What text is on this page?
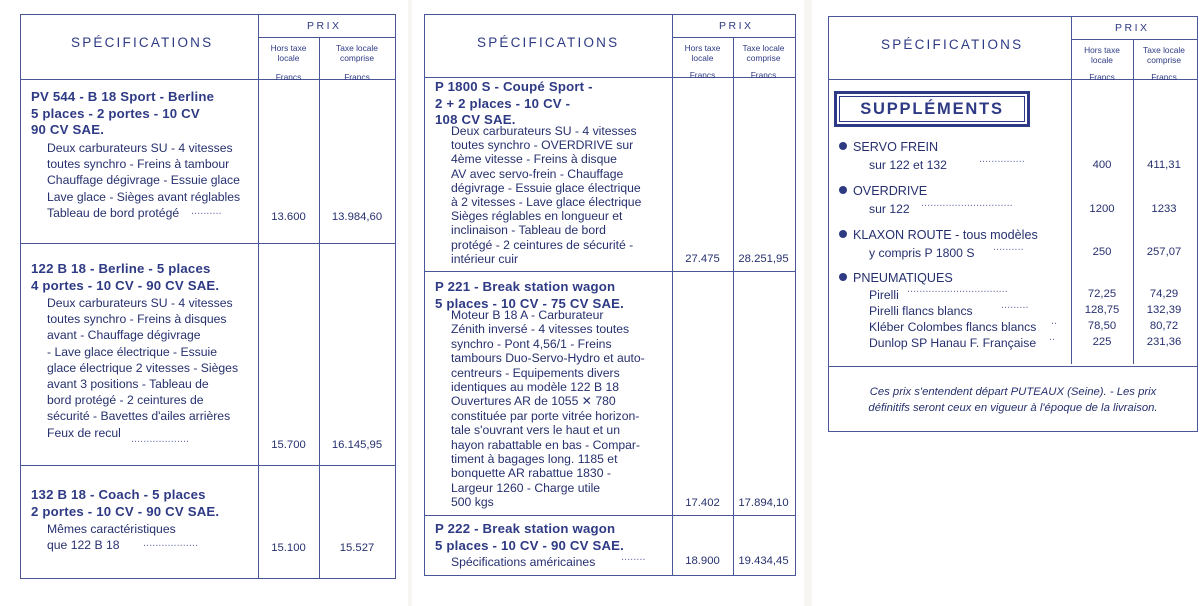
SPÉCIFICATIONS
PRIX
Hors taxe
locale
Taxe locale
comprise
Francs	Francs
PV 544 - B 18 Sport - Berline
5 places - 2 portes - 10 CV
90 CV SAE.
Deux carburateurs SU - 4 vitesses
toutes synchro - Freins à tambour
Chauffage dégivrage - Essuie glace
Lave glace - Sièges avant réglables
Tableau de bord protégé	..........	13.600	13.984,60
122 B 18 - Berline - 5 places
4 portes - 10 CV - 90 CV SAE.
Deux carburateurs SU - 4 vitesses
toutes synchro - Freins à disques
avant - Chauffage dégivrage
- Lave glace électrique - Essuie
glace électrique 2 vitesses - Sièges
avant 3 positions - Tableau de
bord protégé - 2 ceintures de
sécurité - Bavettes d'ailes arrières
Feux de recul ...................	15.700	16.145,95
132 B 18 - Coach - 5 places
2 portes - 10 CV - 90 CV SAE.
Mêmes caractéristiques
que 122 B 18	..................	15.100	15.527
SPÉCIFICATIONS
PRIX
Hors taxe
locale
Taxe locale
comprise
Francs	Francs
P 1800 S - Coupé Sport -
2 + 2 places - 10 CV -
108 CV SAE.
Deux carburateurs SU - 4 vitesses
toutes synchro - OVERDRIVE sur
4ème vitesse - Freins à disque
AV avec servo-frein - Chauffage
dégivrage - Essuie glace électrique
à 2 vitesses - Lave glace électrique
Sièges réglables en longueur et
inclinaison - Tableau de bord
protégé - 2 ceintures de sécurité -
intérieur cuir	27.475	28.251,95
P 221 - Break station wagon
5 places - 10 CV - 75 CV SAE.
Moteur B 18 A - Carburateur
Zénith inversé - 4 vitesses toutes
synchro - Pont 4,56/1 - Freins
tambours Duo-Servo-Hydro et auto-
centreurs - Equipements divers
identiques au modèle 122 B 18
Ouvertures AR de 1055 ✕ 780
constituée par porte vitrée horizon-
tale s'ouvrant vers le haut et un
hayon rabattable en bas - Compar-
timent à bagages long. 1185 et
bonquette AR rabattue 1830 -
Largeur 1260 - Charge utile
500 kgs	17.402	17.894,10
P 222 - Break station wagon
5 places - 10 CV - 90 CV SAE.
Spécifications américaines ........	18.900	19.434,45
SPÉCIFICATIONS
PRIX
Hors taxe
locale
Taxe locale
comprise
Francs	Francs
SUPPLÉMENTS
SERVO FREIN
sur 122 et 132	...............	400	411,31
OVERDRIVE
sur 122 ..............................	1200	1233
KLAXON ROUTE - tous modèles
y compris P 1800 S ..........	250	257,07
PNEUMATIQUES
Pirelli .................................	72,25	74,29
Pirelli flancs blancs	.........	128,75	132,39
Kléber Colombes flancs blancs ..	78,50	80,72
Dunlop SP Hanau F. Française ..	225	231,36
Ces prix s'entendent départ PUTEAUX (Seine). - Les prix
définitifs seront ceux en vigueur à l'époque de la livraison.
